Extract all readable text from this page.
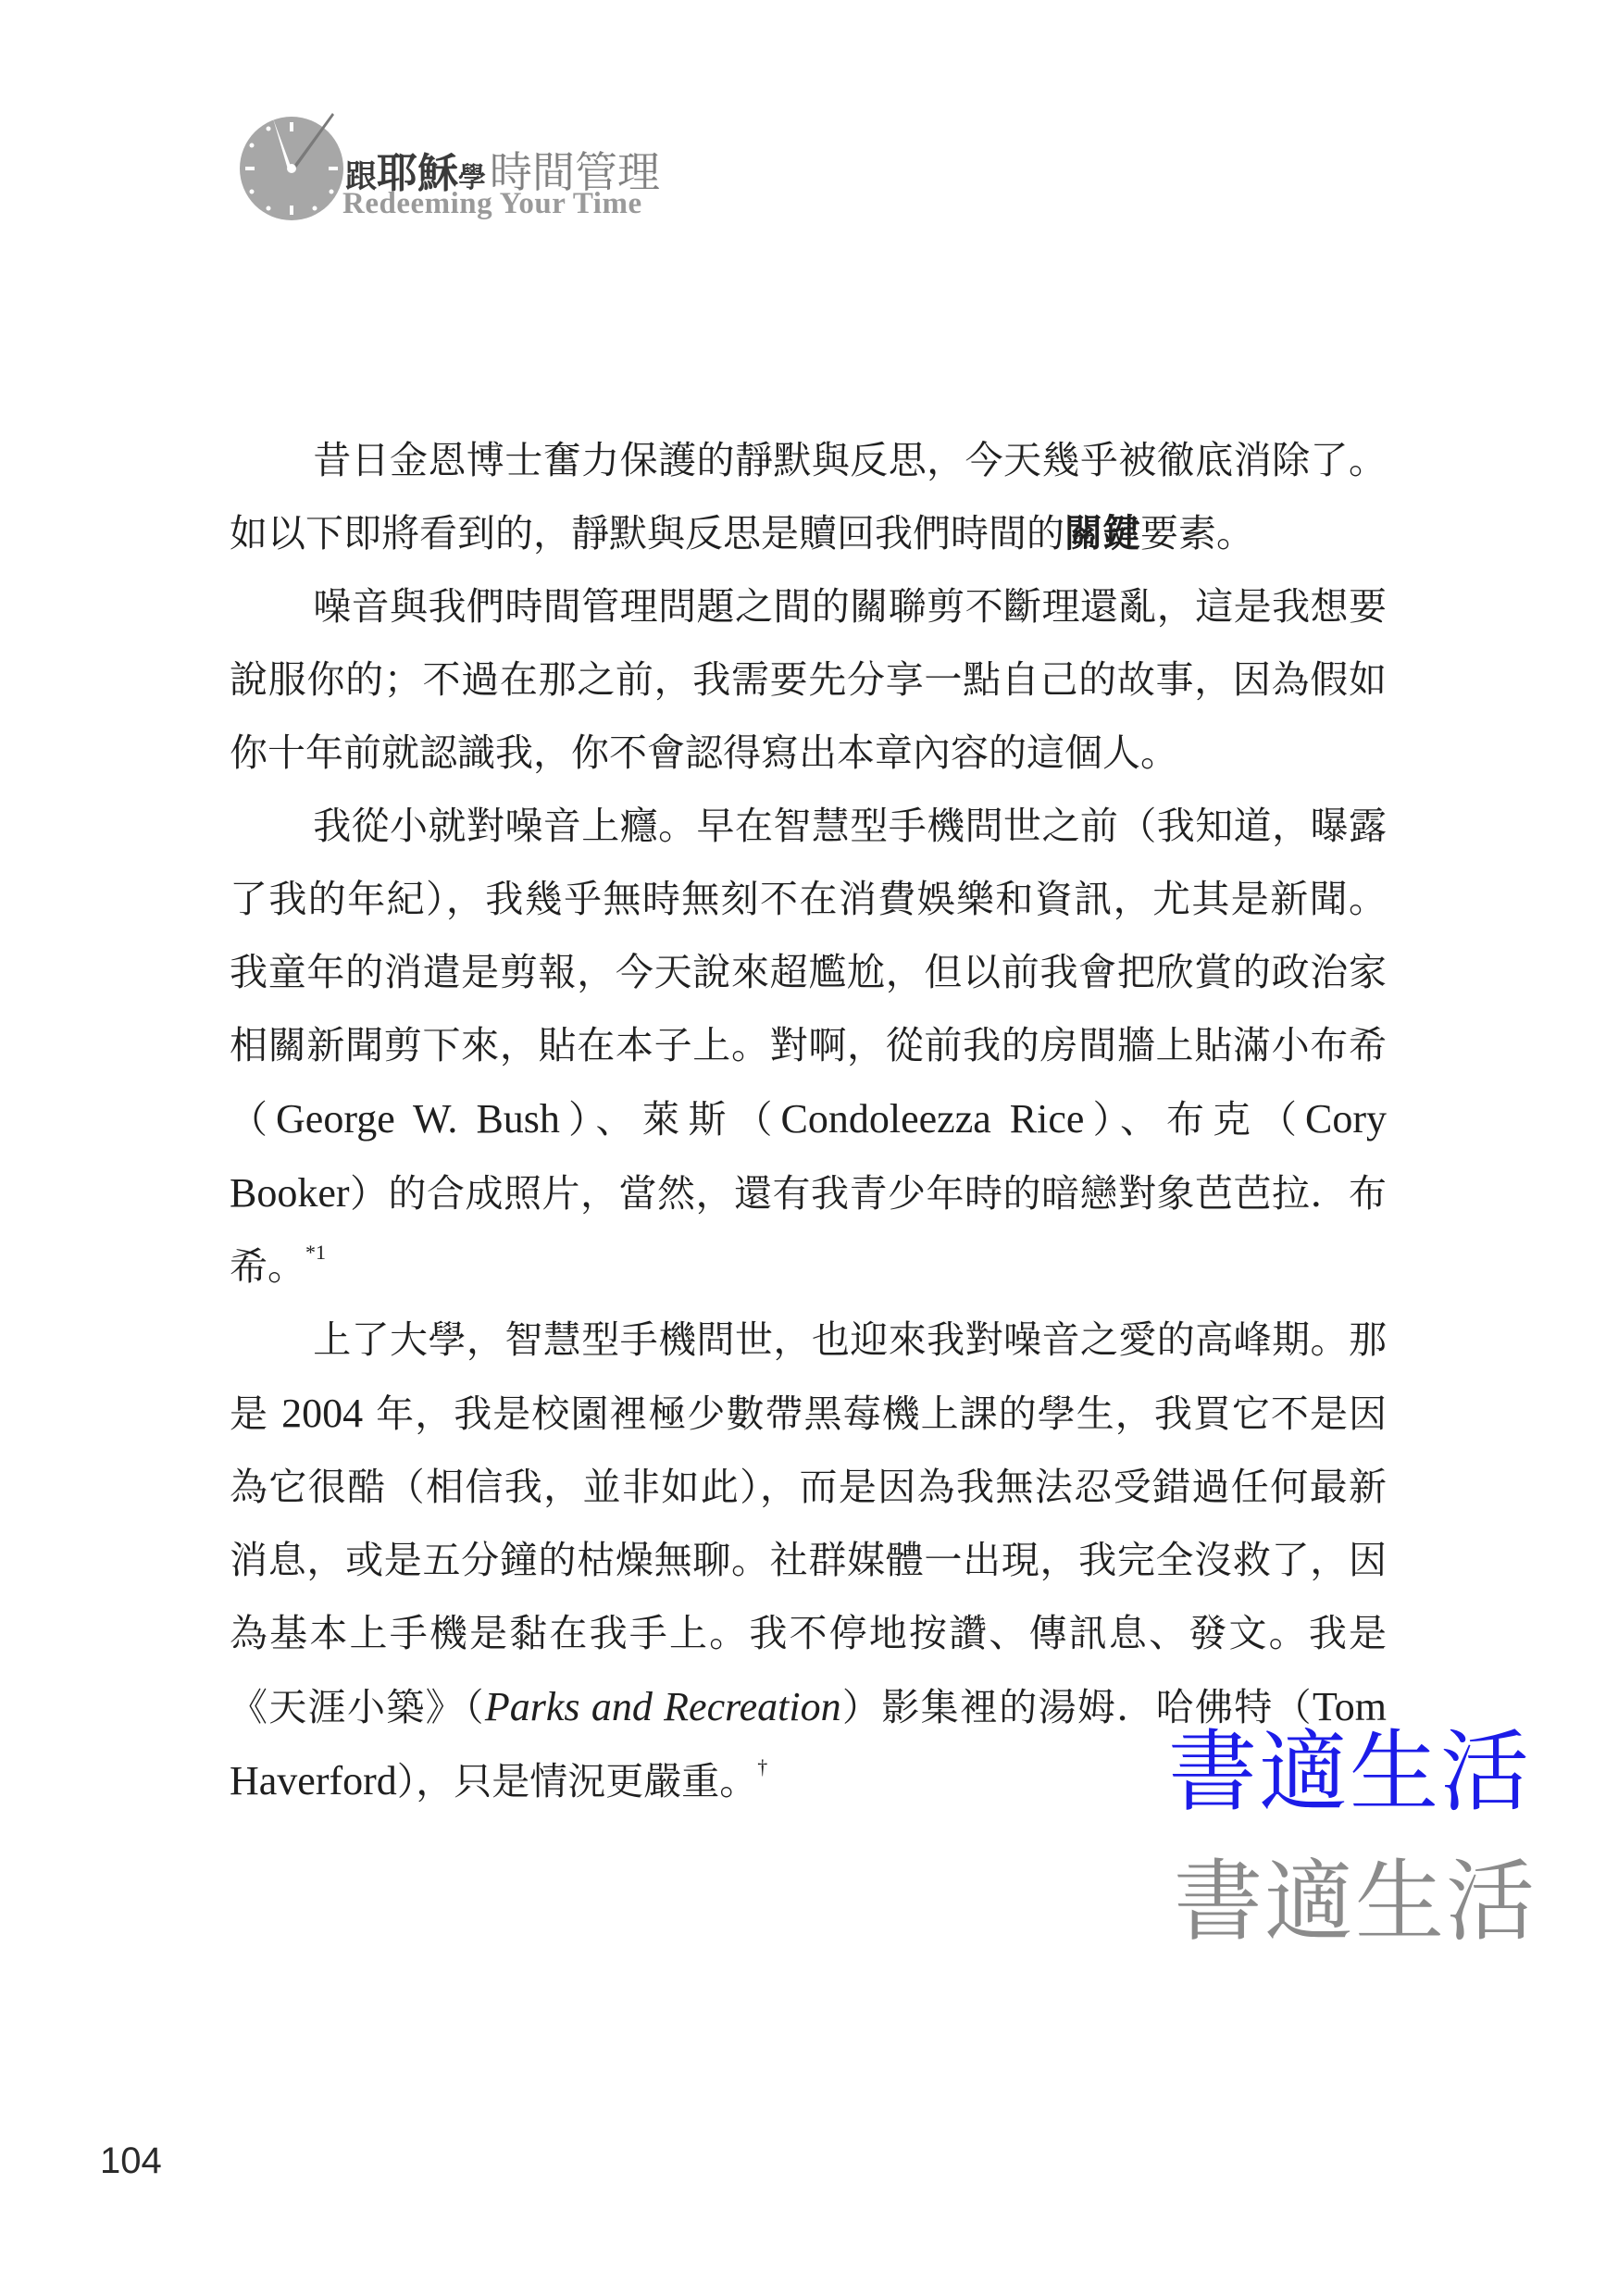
跟耶穌學時間管理
Redeeming Your Time

昔日金恩博士奮力保護的靜默與反思，今天幾乎被徹底消除了。如以下即將看到的，靜默與反思是贖回我們時間的關鍵要素。

噪音與我們時間管理問題之間的關聯剪不斷理還亂，這是我想要說服你的；不過在那之前，我需要先分享一點自己的故事，因為假如你十年前就認識我，你不會認得寫出本章內容的這個人。

我從小就對噪音上癮。早在智慧型手機問世之前（我知道，曝露了我的年紀），我幾乎無時無刻不在消費娛樂和資訊，尤其是新聞。我童年的消遣是剪報，今天說來超尷尬，但以前我會把欣賞的政治家相關新聞剪下來，貼在本子上。對啊，從前我的房間牆上貼滿小布希（George W. Bush）、萊斯（Condoleezza Rice）、布克（Cory Booker）的合成照片，當然，還有我青少年時的暗戀對象芭芭拉．布希。$^{*1}$

上了大學，智慧型手機問世，也迎來我對噪音之愛的高峰期。那是 2004 年，我是校園裡極少數帶黑莓機上課的學生，我買它不是因為它很酷（相信我，並非如此），而是因為我無法忍受錯過任何最新消息，或是五分鐘的枯燥無聊。社群媒體一出現，我完全沒救了，因為基本上手機是黏在我手上。我不停地按讚、傳訊息、發文。我是《天涯小築》（Parks and Recreation）影集裡的湯姆．哈佛特（Tom Haverford），只是情況更嚴重。†	書適生活
書適生活
104
